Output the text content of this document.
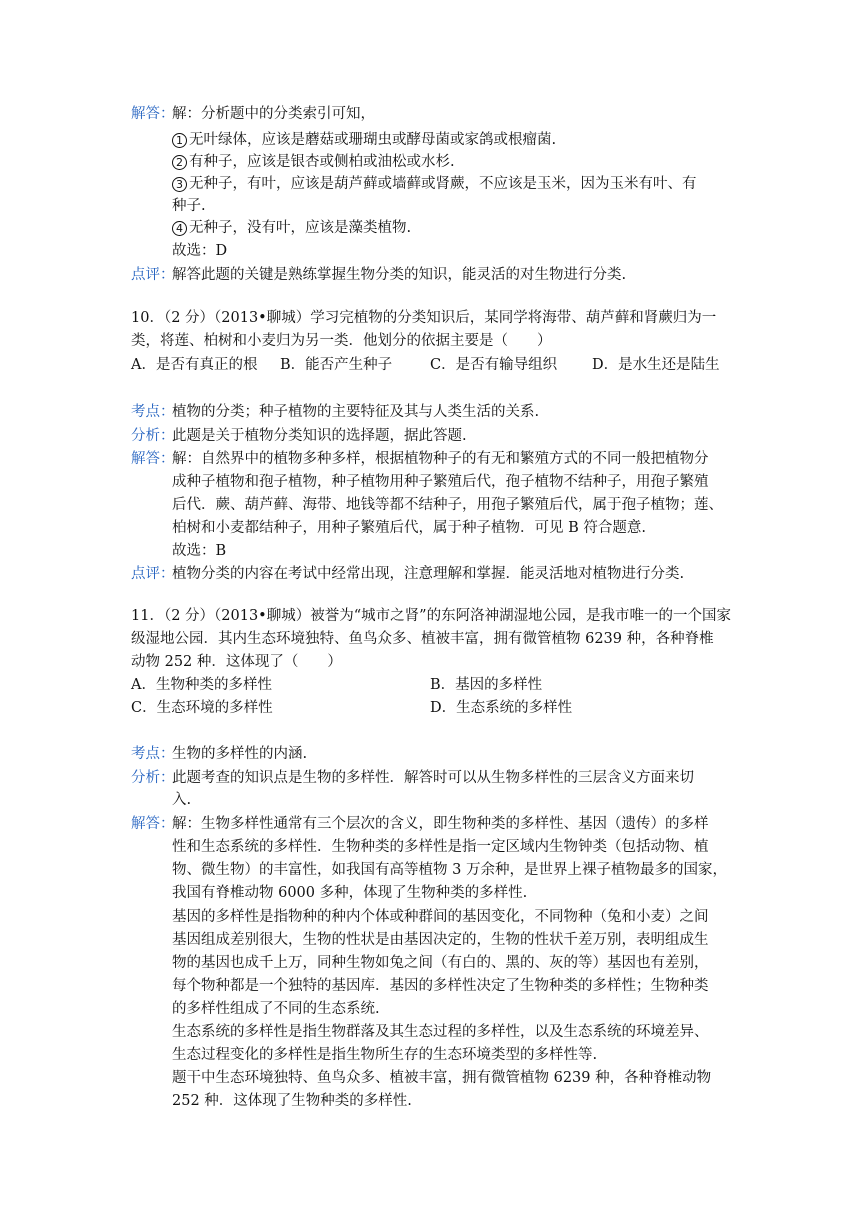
解答：
解：分析题中的分类索引可知，
1 无叶绿体，应该是蘑菇或珊瑚虫或酵母菌或家鸽或根瘤菌.
2 有种子，应该是银杏或侧柏或油松或水杉.
3 无种子，有叶，应该是葫芦藓或墙藓或肾蕨，不应该是玉米，因为玉米有叶、有
种子.
4 无种子，没有叶，应该是藻类植物.
故选：D
点评：
解答此题的关键是熟练掌握生物分类的知识，能灵活的对生物进行分类.
10．（2 分）（2013•聊城）学习完植物的分类知识后，某同学将海带、葫芦藓和肾蕨归为一
类，将莲、柏树和小麦归为另一类．他划分的依据主要是（　　）
A．是否有真正的根 B．能否产生种子	C．是否有输导组织 D．是水生还是陆生
考点：
植物的分类；种子植物的主要特征及其与人类生活的关系.
分析：
此题是关于植物分类知识的选择题，据此答题.
解答：
解：自然界中的植物多种多样，根据植物种子的有无和繁殖方式的不同一般把植物分
成种子植物和孢子植物，种子植物用种子繁殖后代，孢子植物不结种子，用孢子繁殖
后代．蕨、葫芦藓、海带、地钱等都不结种子，用孢子繁殖后代，属于孢子植物；莲、
柏树和小麦都结种子，用种子繁殖后代，属于种子植物．可见 B 符合题意.
故选：B
点评：
植物分类的内容在考试中经常出现，注意理解和掌握．能灵活地对植物进行分类.
11．（2 分）（2013•聊城）被誉为“城市之肾”的东阿洛神湖湿地公园，是我市唯一的一个国家
级湿地公园．其内生态环境独特、鱼鸟众多、植被丰富，拥有微管植物 6239 种，各种脊椎
动物 252 种．这体现了（　　）
A．生物种类的多样性	B．基因的多样性
C．生态环境的多样性	D．生态系统的多样性
考点：
生物的多样性的内涵.
分析：
此题考查的知识点是生物的多样性．解答时可以从生物多样性的三层含义方面来切
入.
解答：
解：生物多样性通常有三个层次的含义，即生物种类的多样性、基因（遗传）的多样
性和生态系统的多样性．生物种类的多样性是指一定区域内生物钟类（包括动物、植
物、微生物）的丰富性，如我国有高等植物 3 万余种，是世界上裸子植物最多的国家，
我国有脊椎动物 6000 多种，体现了生物种类的多样性.
基因的多样性是指物种的种内个体或种群间的基因变化，不同物种（兔和小麦）之间
基因组成差别很大，生物的性状是由基因决定的，生物的性状千差万别，表明组成生
物的基因也成千上万，同种生物如兔之间（有白的、黑的、灰的等）基因也有差别，
每个物种都是一个独特的基因库．基因的多样性决定了生物种类的多样性；生物种类
的多样性组成了不同的生态系统.
生态系统的多样性是指生物群落及其生态过程的多样性，以及生态系统的环境差异、
生态过程变化的多样性是指生物所生存的生态环境类型的多样性等.
题干中生态环境独特、鱼鸟众多、植被丰富，拥有微管植物 6239 种，各种脊椎动物
252 种．这体现了生物种类的多样性.
